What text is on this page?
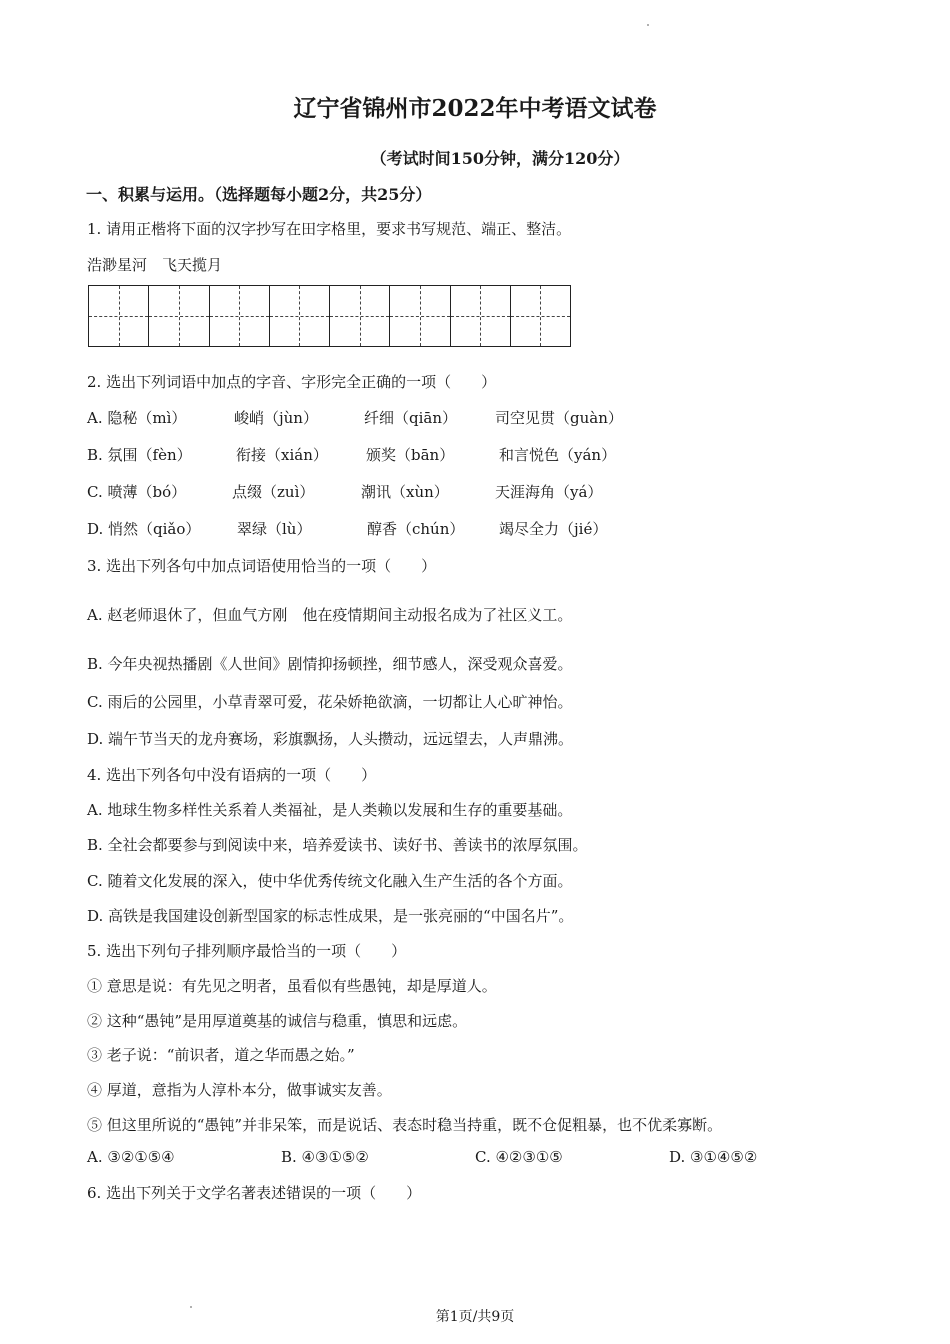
辽宁省锦州市2022年中考语文试卷
（考试时间150分钟，满分120分）
一、积累与运用。（选择题每小题2分，共25分）
1. 请用正楷将下面的汉字抄写在田字格里，要求书写规范、端正、整洁。
浩渺星河　飞天揽月
2. 选出下列词语中加点的字音、字形完全正确的一项（　　）
A. 隐秘（mì）	峻峭（jùn）	纤细（qiān）	司空见贯（guàn）
B. 氛围（fèn）	衔接（xián）	颁奖（bān）	和言悦色（yán）
C. 喷薄（bó）	点缀（zuì）	潮讯（xùn）	天涯海角（yá）
D. 悄然（qiǎo） 翠绿（lù）	醇香（chún） 竭尽全力（jié）
3. 选出下列各句中加点词语使用恰当的一项（　　）
A. 赵老师退休了，但血气方刚　他在疫情期间主动报名成为了社区义工。
B. 今年央视热播剧《人世间》剧情抑扬顿挫，细节感人，深受观众喜爱。
C. 雨后的公园里，小草青翠可爱，花朵娇艳欲滴，一切都让人心旷神怡。
D. 端午节当天的龙舟赛场，彩旗飘扬，人头攒动，远远望去，人声鼎沸。
4. 选出下列各句中没有语病的一项（　　）
A. 地球生物多样性关系着人类福祉，是人类赖以发展和生存的重要基础。
B. 全社会都要参与到阅读中来，培养爱读书、读好书、善读书的浓厚氛围。
C. 随着文化发展的深入，使中华优秀传统文化融入生产生活的各个方面。
D. 高铁是我国建设创新型国家的标志性成果，是一张亮丽的“中国名片”。
5. 选出下列句子排列顺序最恰当的一项（　　）
① 意思是说：有先见之明者，虽看似有些愚钝，却是厚道人。
② 这种“愚钝”是用厚道奠基的诚信与稳重，慎思和远虑。
③ 老子说：“前识者，道之华而愚之始。”
④ 厚道，意指为人淳朴本分，做事诚实友善。
⑤ 但这里所说的“愚钝”并非呆笨，而是说话、表态时稳当持重，既不仓促粗暴，也不优柔寡断。
A. ③②①⑤④	B. ④③①⑤②	C. ④②③①⑤	D. ③①④⑤②
6. 选出下列关于文学名著表述错误的一项（　　）
第1页/共9页
